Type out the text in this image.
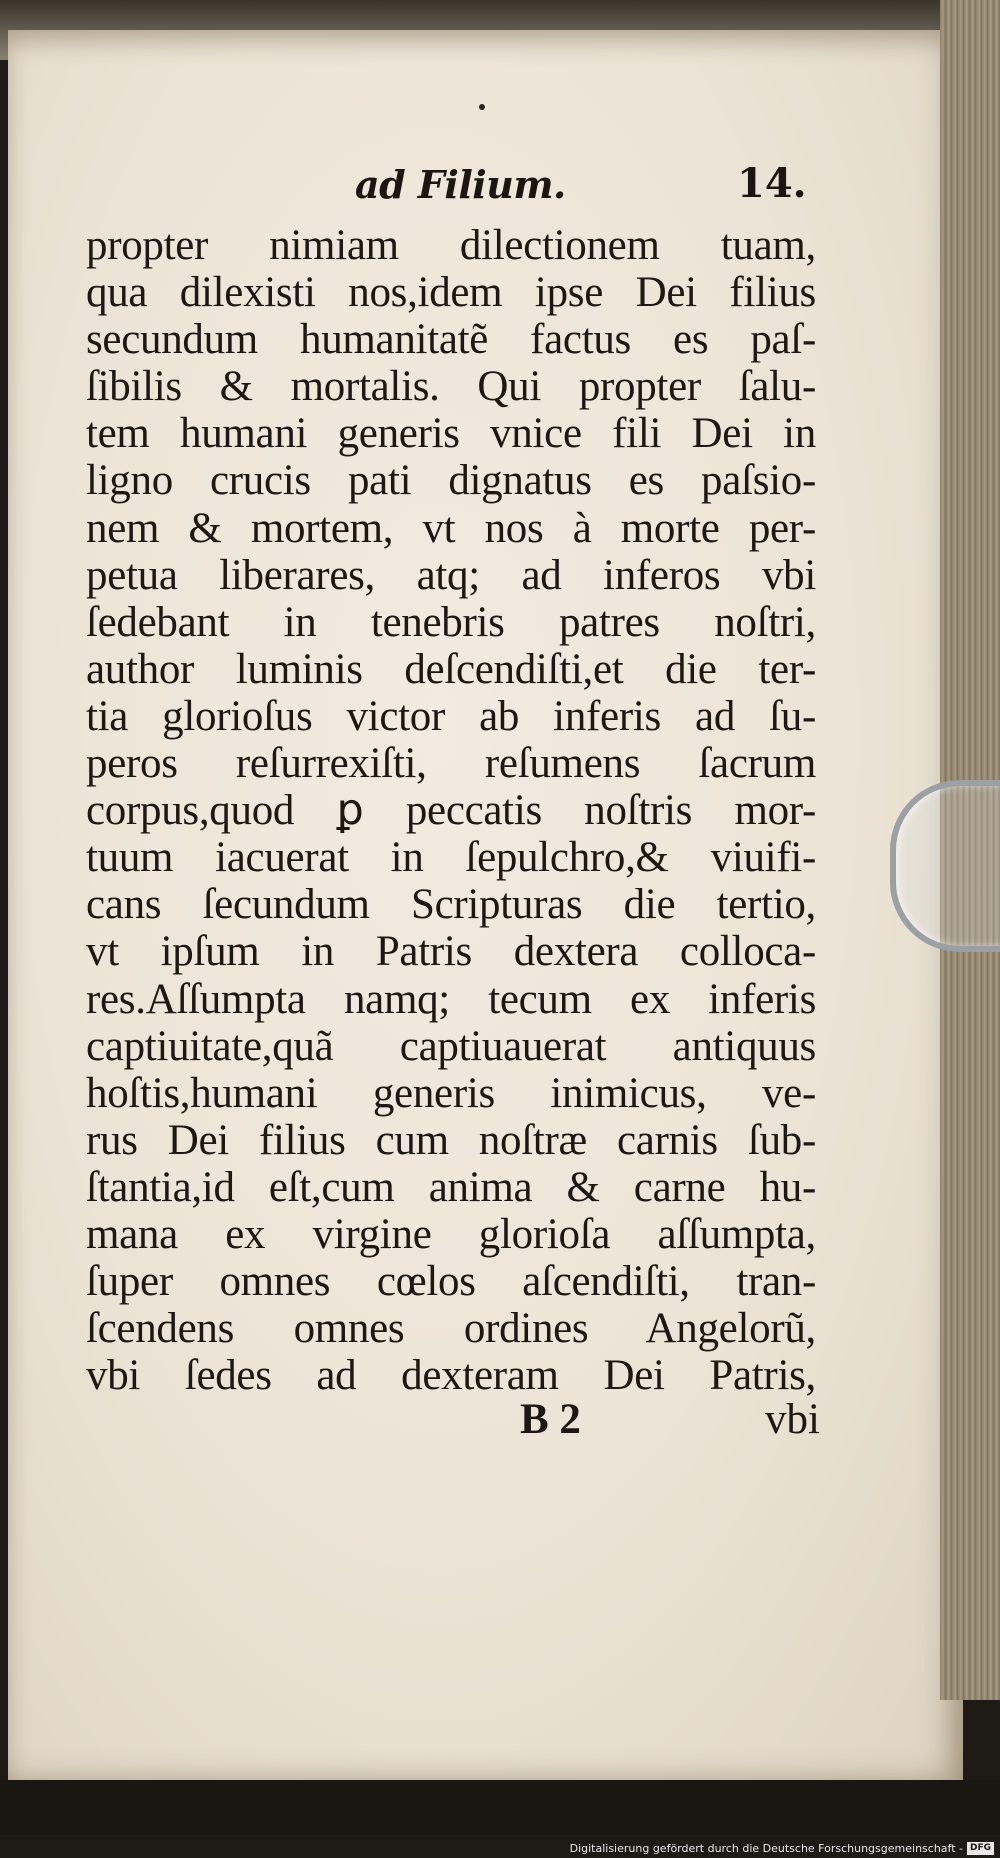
ad Filium.	14.
propter nimiam dilectionem tuam,
qua dilexisti nos,idem ipse Dei filius
secundum humanitatẽ factus es paſ-
ſibilis & mortalis. Qui propter ſalu-
tem humani generis vnice fili Dei in
ligno crucis pati dignatus es paſsio-
nem & mortem, vt nos à morte per-
petua liberares, atq; ad inferos vbi
ſedebant in tenebris patres noſtri,
author luminis deſcendiſti,et die ter-
tia glorioſus victor ab inferis ad ſu-
peros reſurrexiſti, reſumens ſacrum
corpus,quod ꝑ peccatis noſtris mor-
tuum iacuerat in ſepulchro,& viuifi-
cans ſecundum Scripturas die tertio,
vt ipſum in Patris dextera colloca-
res.Aſſumpta namq; tecum ex inferis
captiuitate,quã captiuauerat antiquus
hoſtis,humani generis inimicus, ve-
rus Dei filius cum noſtræ carnis ſub-
ſtantia,id eſt,cum anima & carne hu-
mana ex virgine glorioſa aſſumpta,
ſuper omnes cœlos aſcendiſti, tran-
ſcendens omnes ordines Angelorũ,
vbi ſedes ad dexteram Dei Patris,
B 2	vbi
Digitalisierung gefördert durch die Deutsche Forschungsgemeinschaft - DFG
